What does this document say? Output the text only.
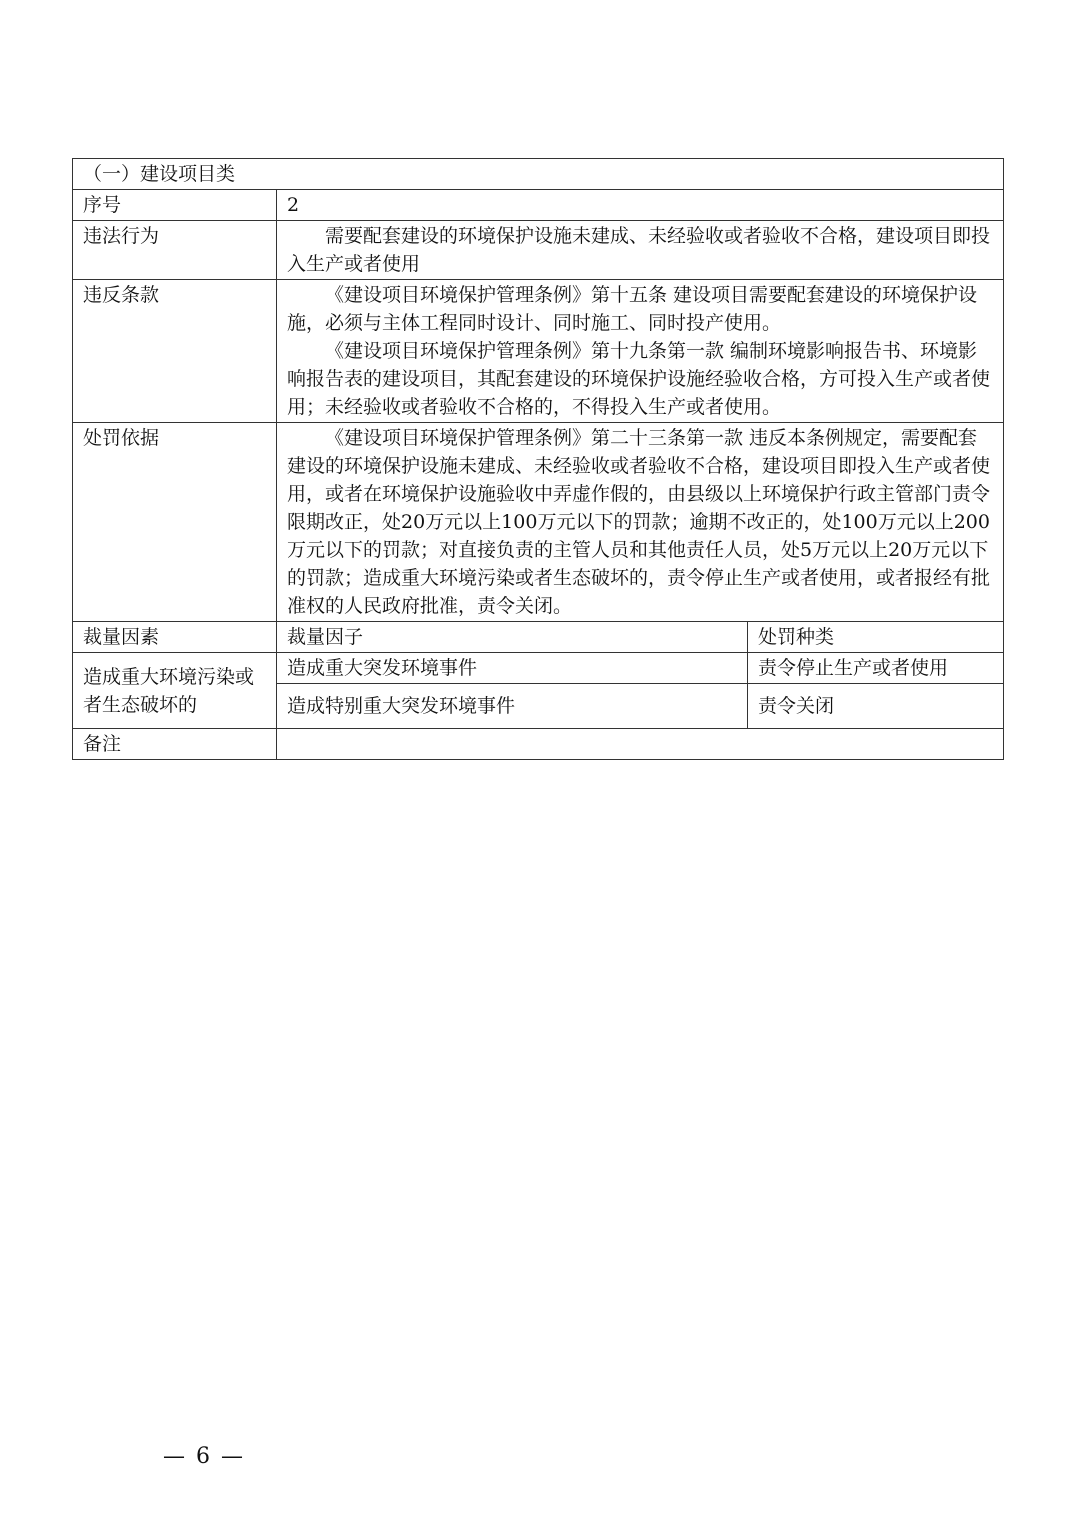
（一）建设项目类		
序号	2	
违法行为	需要配套建设的环境保护设施未建成、未经验收或者验收不合格，建设项目即投入生产或者使用	

违反条款	《建设项目环境保护管理条例》第十五条 建设项目需要配套建设的环境保护设施，必须与主体工程同时设计、同时施工、同时投产使用。
《建设项目环境保护管理条例》第十九条第一款 编制环境影响报告书、环境影响报告表的建设项目，其配套建设的环境保护设施经验收合格，方可投入生产或者使用；未经验收或者验收不合格的，不得投入生产或者使用。	

处罚依据	《建设项目环境保护管理条例》第二十三条第一款 违反本条例规定，需要配套建设的环境保护设施未建成、未经验收或者验收不合格，建设项目即投入生产或者使用，或者在环境保护设施验收中弄虚作假的，由县级以上环境保护行政主管部门责令限期改正，处20万元以上100万元以下的罚款；逾期不改正的，处100万元以上200万元以下的罚款；对直接负责的主管人员和其他责任人员，处5万元以上20万元以下的罚款；造成重大环境污染或者生态破坏的，责令停止生产或者使用，或者报经有批准权的人民政府批准，责令关闭。	

裁量因素	裁量因子	处罚种类
造成重大环境污染或者生态破坏的	造成重大突发环境事件	责令停止生产或者使用
	造成特别重大突发环境事件	责令关闭
备注		
— 6 —
